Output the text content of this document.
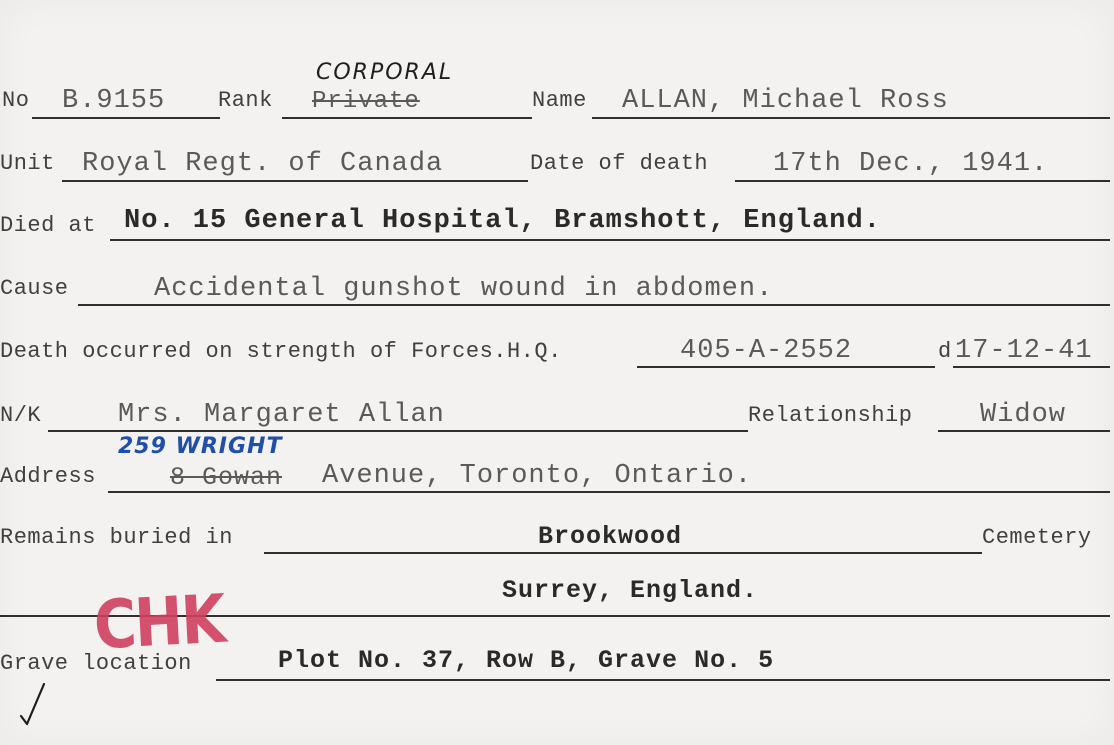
No B.9155 Rank Private
CORPORAL
Name ALLAN, Michael Ross
Unit Royal Regt. of Canada	Date of death 17th Dec., 1941.
Died at No. 15 General Hospital, Bramshott, England.
Cause	Accidental gunshot wound in abdomen.
Death occurred on strength of Forces.H.Q.	405-A-2552	d 17-12-41
N/K	Mrs. Margaret Allan	Relationship	Widow
259 WRIGHT
Address	8 Gowan Avenue, Toronto, Ontario.
Remains buried in	Brookwood	Cemetery
Surrey, England.
CHK
Grave location	Plot No. 37, Row B, Grave No. 5
